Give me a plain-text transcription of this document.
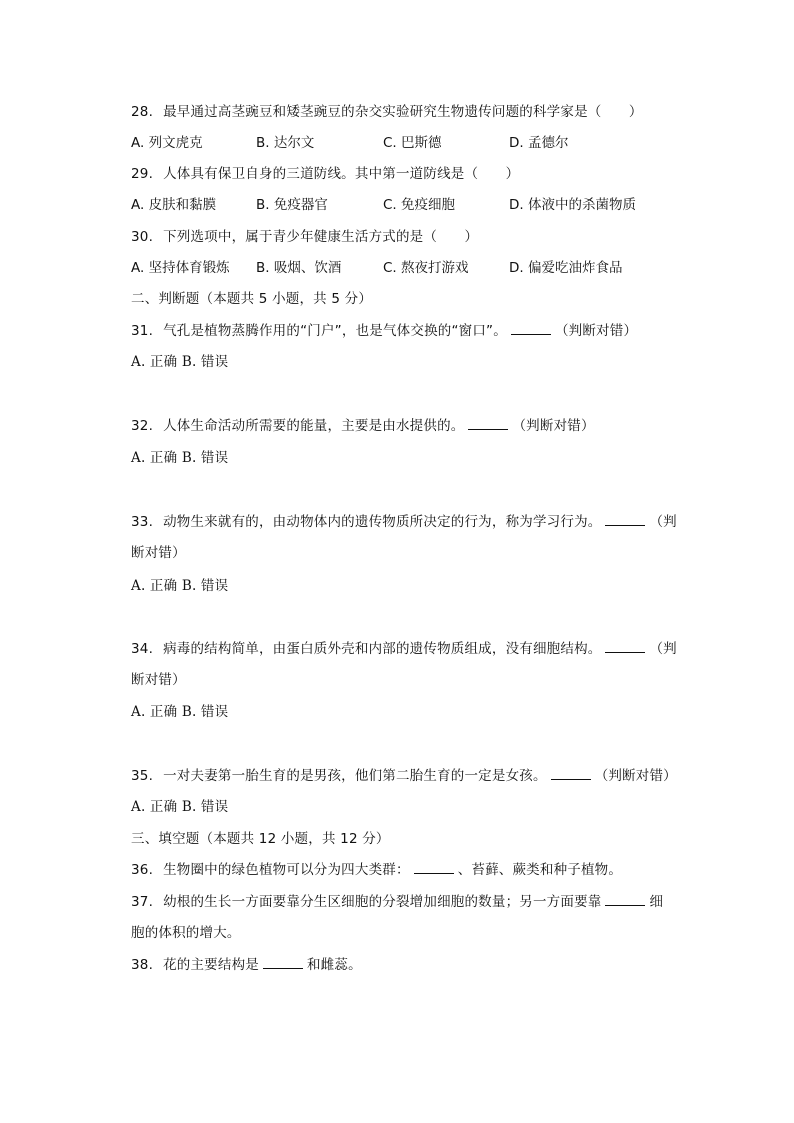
28. 最早通过高茎豌豆和矮茎豌豆的杂交实验研究生物遗传问题的科学家是（　　）
A. 列文虎克	B. 达尔文	C. 巴斯德	D. 孟德尔
29. 人体具有保卫自身的三道防线。其中第一道防线是（　　）
A. 皮肤和黏膜	B. 免疫器官	C. 免疫细胞	D. 体液中的杀菌物质
30. 下列选项中，属于青少年健康生活方式的是（　　）
A. 坚持体育锻炼 B. 吸烟、饮酒	C. 熬夜打游戏	D. 偏爱吃油炸食品
二、判断题（本题共 5 小题，共 5 分）
31. 气孔是植物蒸腾作用的“门户”，也是气体交换的“窗口”。	（判断对错）
A. 正确 B. 错误
32. 人体生命活动所需要的能量，主要是由水提供的。	（判断对错）
A. 正确 B. 错误
33. 动物生来就有的，由动物体内的遗传物质所决定的行为，称为学习行为。	（判
断对错）
A. 正确 B. 错误
34. 病毒的结构简单，由蛋白质外壳和内部的遗传物质组成，没有细胞结构。	（判
断对错）
A. 正确 B. 错误
35. 一对夫妻第一胎生育的是男孩，他们第二胎生育的一定是女孩。	（判断对错）
A. 正确 B. 错误
三、填空题（本题共 12 小题，共 12 分）
36. 生物圈中的绿色植物可以分为四大类群：	、苔藓、蕨类和种子植物。
37. 幼根的生长一方面要靠分生区细胞的分裂增加细胞的数量；另一方面要靠	细
胞的体积的增大。
38. 花的主要结构是	和雌蕊。
